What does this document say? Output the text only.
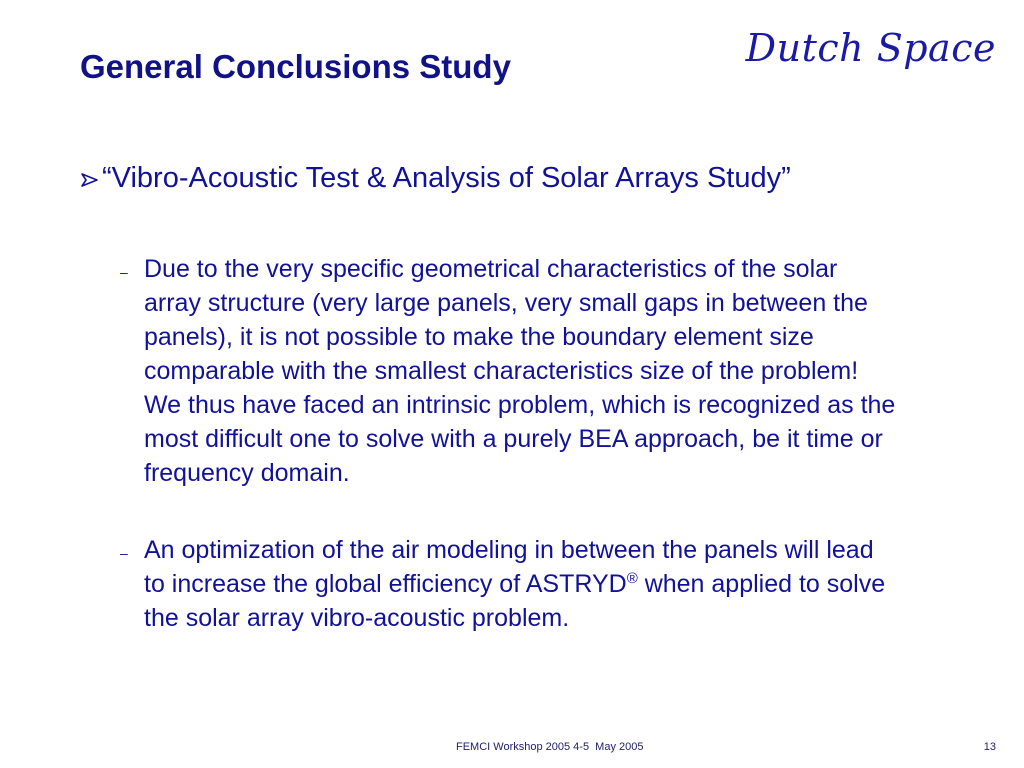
Dutch Space
General Conclusions Study
“Vibro-Acoustic Test & Analysis of Solar Arrays Study”
– Due to the very specific geometrical characteristics of the solar
array structure (very large panels, very small gaps in between the
panels), it is not possible to make the boundary element size
comparable with the smallest characteristics size of the problem!
We thus have faced an intrinsic problem, which is recognized as the
most difficult one to solve with a purely BEA approach, be it time or
frequency domain.
– An optimization of the air modeling in between the panels will lead
to increase the global efficiency of ASTRYD® when applied to solve
the solar array vibro-acoustic problem.
FEMCI Workshop 2005 4-5  May 2005	13
